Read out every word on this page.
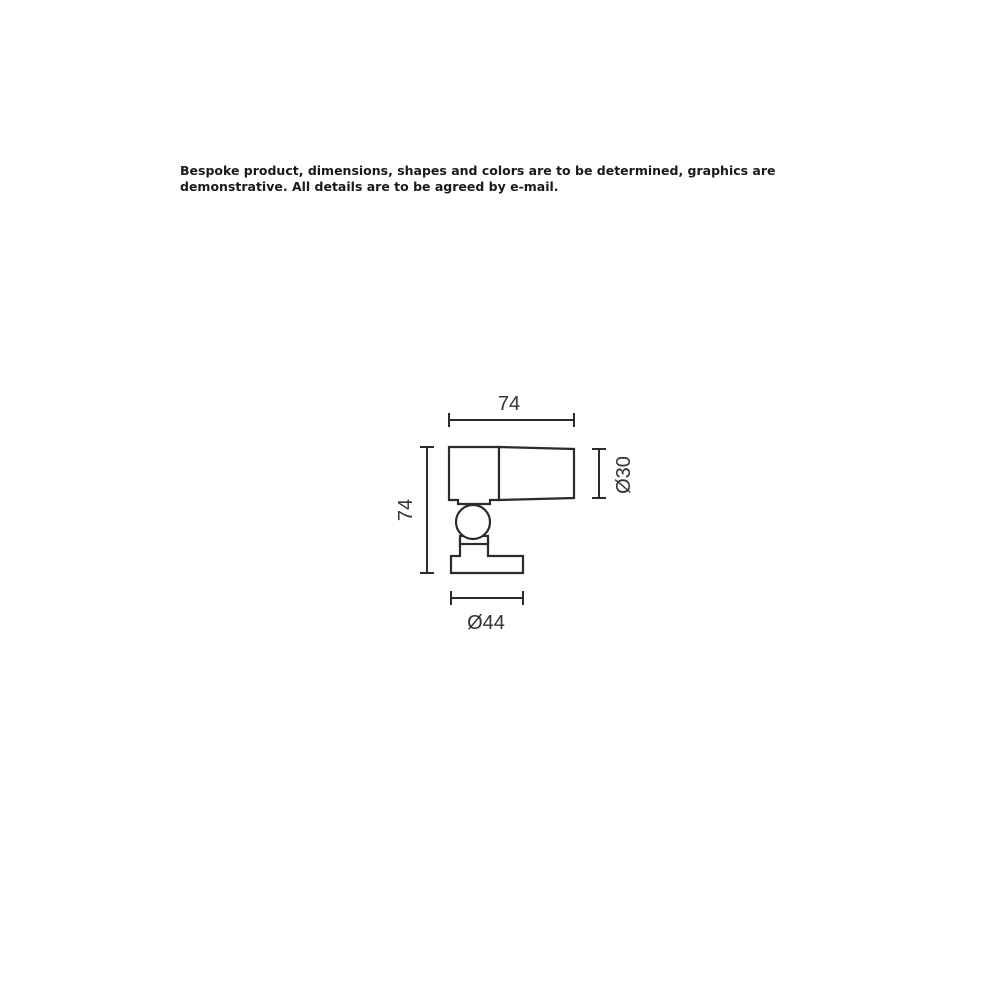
Bespoke product, dimensions, shapes and colors are to be determined, graphics are demonstrative. All details are to be agreed by e-mail.

74
74
Ø30
Ø44
